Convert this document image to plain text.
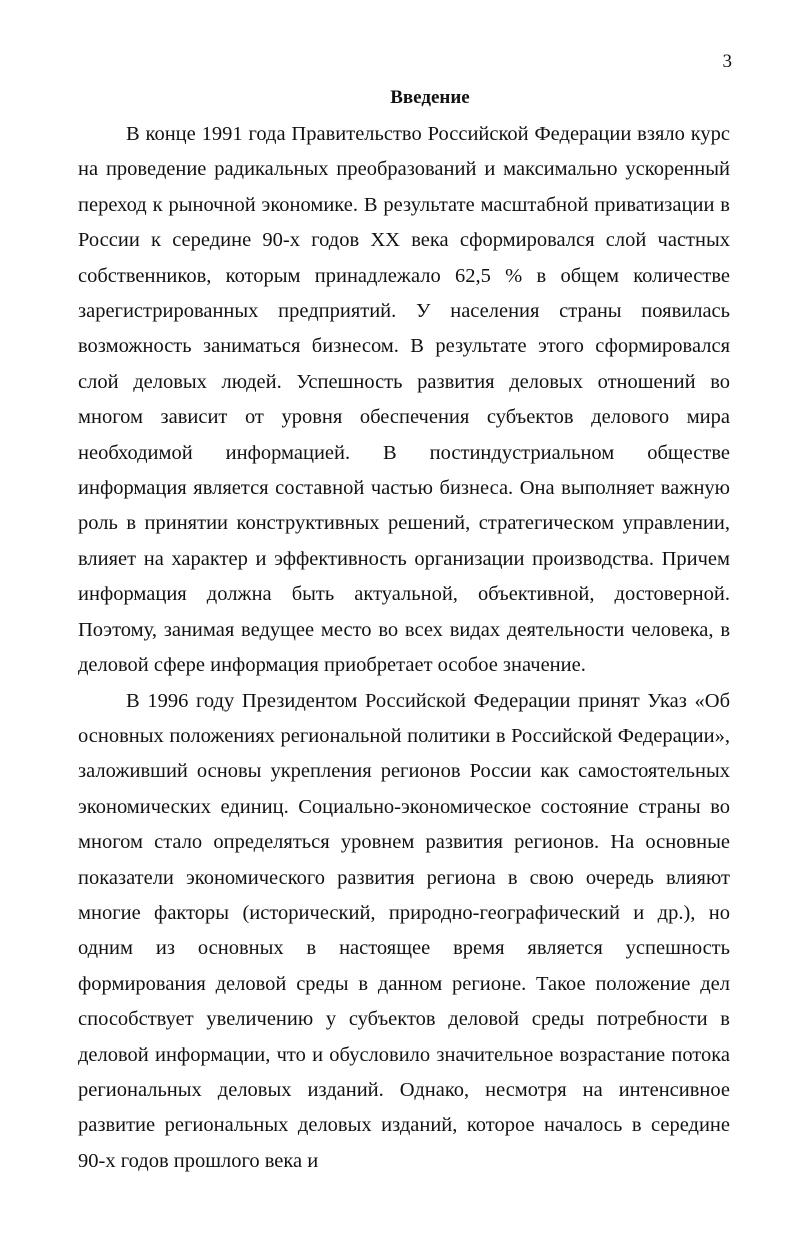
3
Введение

В конце 1991 года Правительство Российской Федерации взяло курс на проведение радикальных преобразований и максимально ускоренный переход к рыночной экономике. В результате масштабной приватизации в России к середине 90-х годов XX века сформировался слой частных собственников, которым принадлежало 62,5 % в общем количестве зарегистрированных предприятий. У населения страны появилась возможность заниматься бизнесом. В результате этого сформировался слой деловых людей. Успешность развития деловых отношений во многом зависит от уровня обеспечения субъектов делового мира необходимой информацией. В постиндустриальном обществе информация является составной частью бизнеса. Она выполняет важную роль в принятии конструктивных решений, стратегическом управлении, влияет на характер и эффективность организации производства. Причем информация должна быть актуальной, объективной, достоверной. Поэтому, занимая ведущее место во всех видах деятельности человека, в деловой сфере информация приобретает особое значение.

В 1996 году Президентом Российской Федерации принят Указ «Об основных положениях региональной политики в Российской Федерации», заложивший основы укрепления регионов России как самостоятельных экономических единиц. Социально-экономическое состояние страны во многом стало определяться уровнем развития регионов. На основные показатели экономического развития региона в свою очередь влияют многие факторы (исторический, природно-географический и др.), но одним из основных в настоящее время является успешность формирования деловой среды в данном регионе. Такое положение дел способствует увеличению у субъектов деловой среды потребности в деловой информации, что и обусловило значительное возрастание потока региональных деловых изданий. Однако, несмотря на интенсивное развитие региональных деловых изданий, которое началось в середине 90-х годов прошлого века и
